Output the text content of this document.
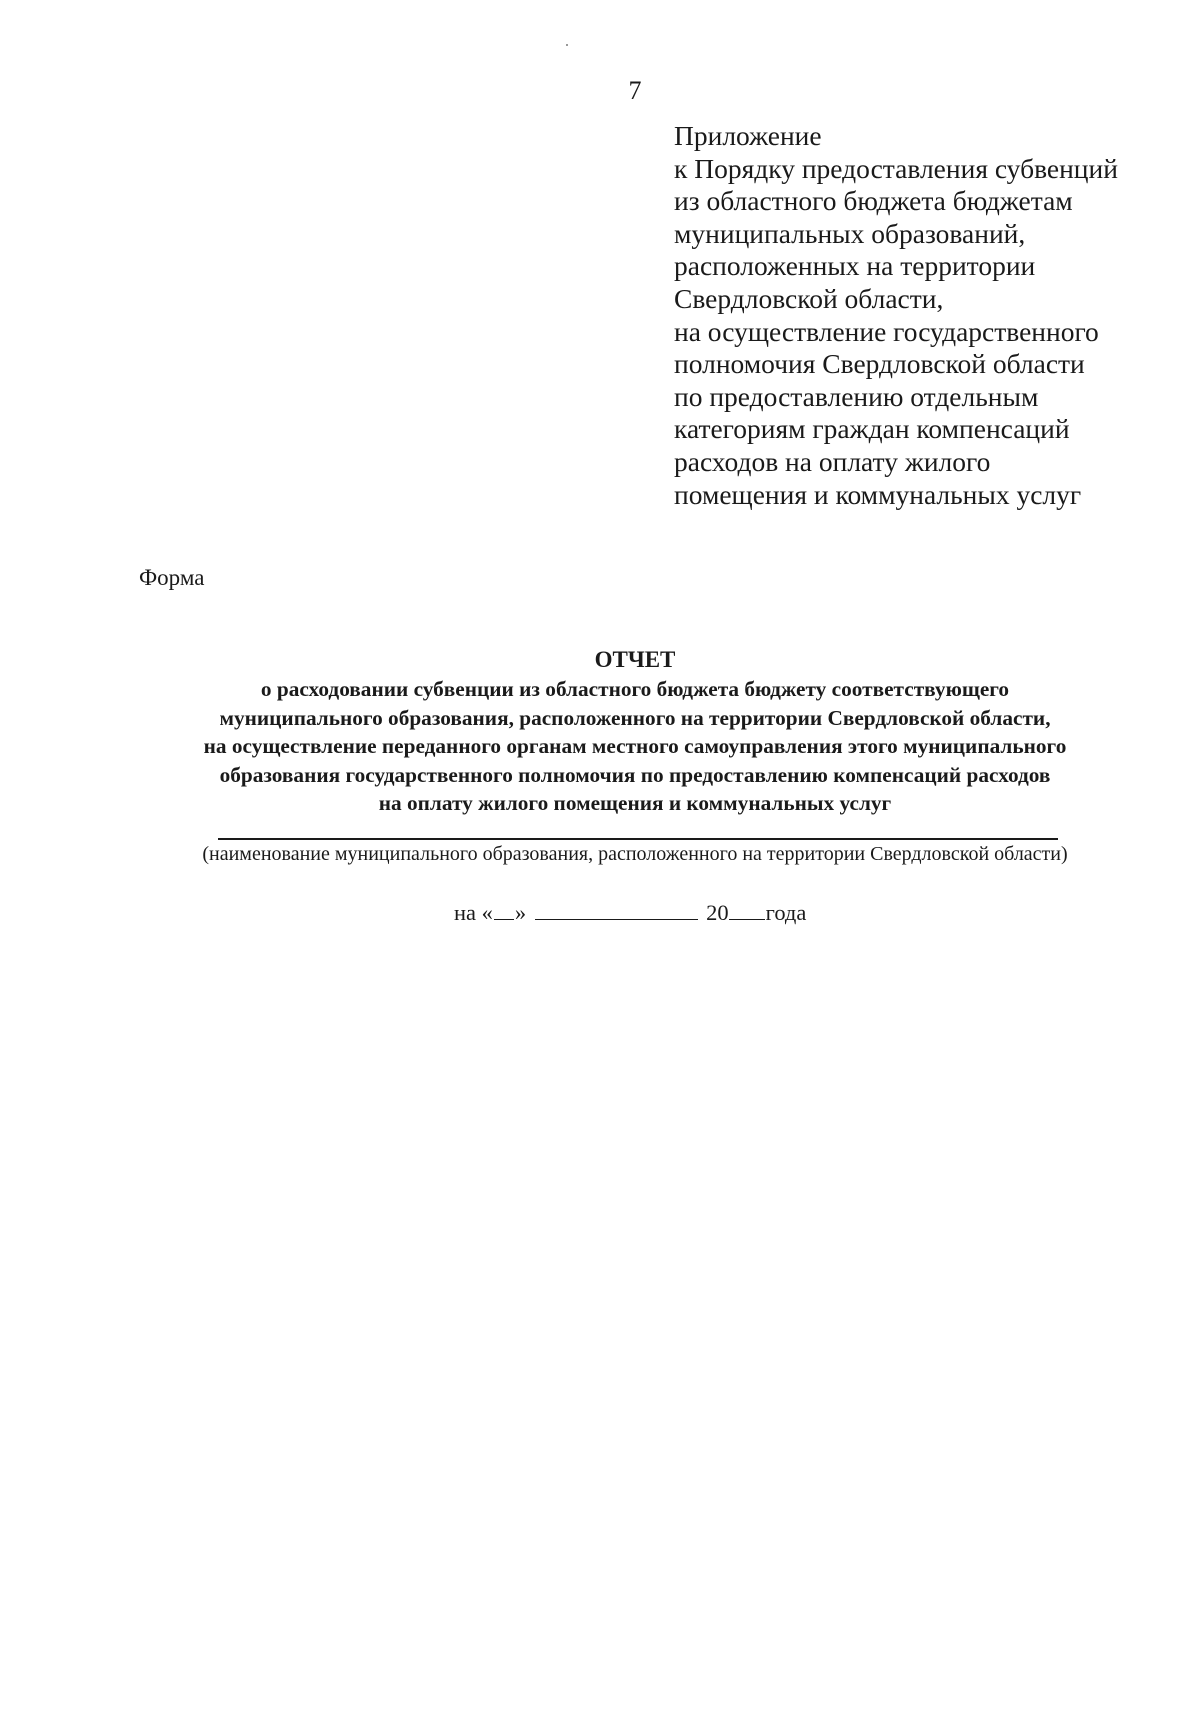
7
Приложение
к Порядку предоставления субвенций
из областного бюджета бюджетам
муниципальных образований,
расположенных на территории
Свердловской области,
на осуществление государственного
полномочия Свердловской области
по предоставлению отдельным
категориям граждан компенсаций
расходов на оплату жилого
помещения и коммунальных услуг
Форма
ОТЧЕТ
о расходовании субвенции из областного бюджета бюджету соответствующего
муниципального образования, расположенного на территории Свердловской области,
на осуществление переданного органам местного самоуправления этого муниципального
образования государственного полномочия по предоставлению компенсаций расходов
на оплату жилого помещения и коммунальных услуг
(наименование муниципального образования, расположенного на территории Свердловской области)
на « »	20 года
